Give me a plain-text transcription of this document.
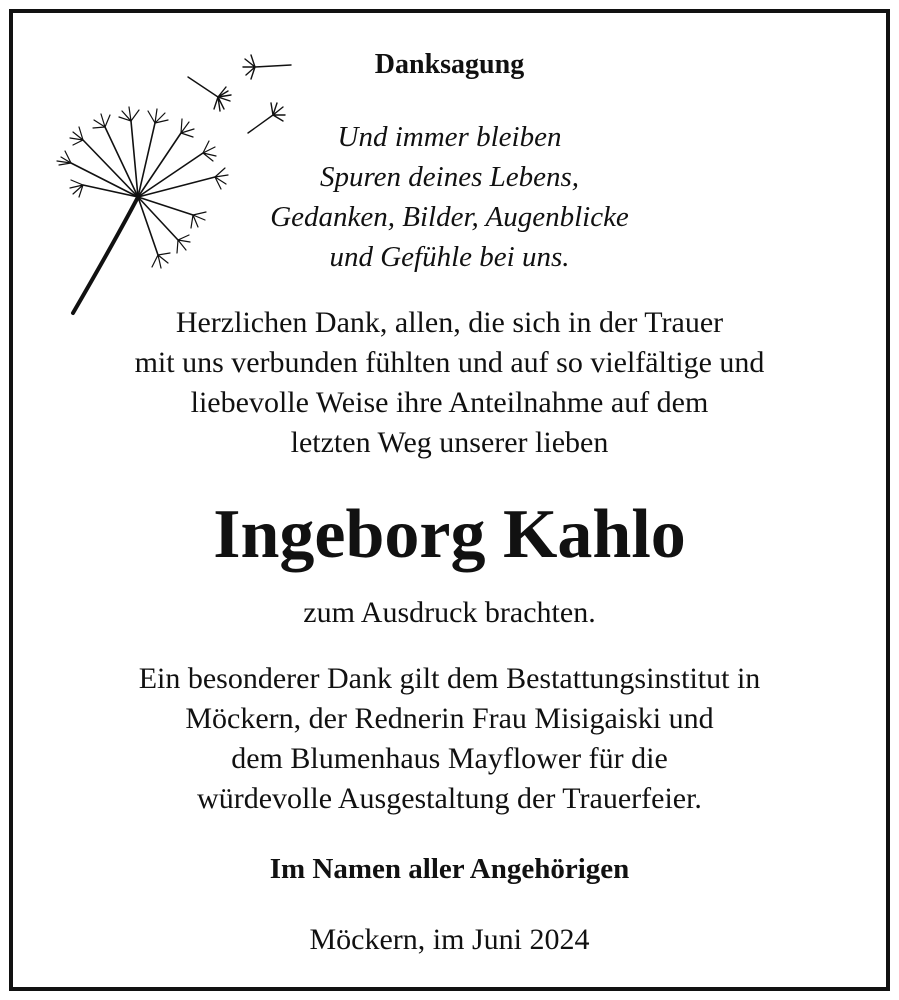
Danksagung
Und immer bleiben
Spuren deines Lebens,
Gedanken, Bilder, Augenblicke
und Gefühle bei uns.
Herzlichen Dank, allen, die sich in der Trauer
mit uns verbunden fühlten und auf so vielfältige und
liebevolle Weise ihre Anteilnahme auf dem
letzten Weg unserer lieben
Ingeborg Kahlo
zum Ausdruck brachten.
Ein besonderer Dank gilt dem Bestattungsinstitut in
Möckern, der Rednerin Frau Misigaiski und
dem Blumenhaus Mayflower für die
würdevolle Ausgestaltung der Trauerfeier.
Im Namen aller Angehörigen
Möckern, im Juni 2024
